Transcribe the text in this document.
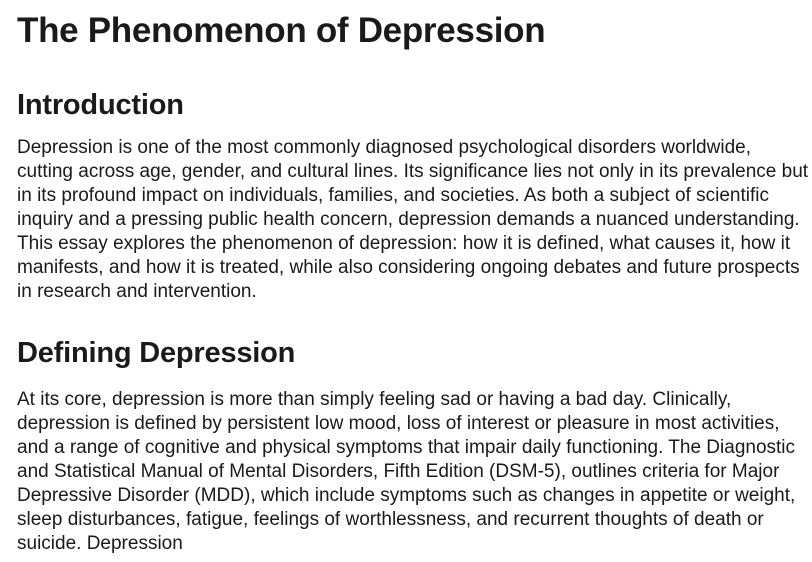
The Phenomenon of Depression
Introduction

Depression is one of the most commonly diagnosed psychological disorders worldwide, cutting across age, gender, and cultural lines. Its significance lies not only in its prevalence but in its profound impact on individuals, families, and societies. As both a subject of scientific inquiry and a pressing public health concern, depression demands a nuanced understanding. This essay explores the phenomenon of depression: how it is defined, what causes it, how it manifests, and how it is treated, while also considering ongoing debates and future prospects in research and intervention.

Defining Depression

At its core, depression is more than simply feeling sad or having a bad day. Clinically, depression is defined by persistent low mood, loss of interest or pleasure in most activities, and a range of cognitive and physical symptoms that impair daily functioning. The Diagnostic and Statistical Manual of Mental Disorders, Fifth Edition (DSM-5), outlines criteria for Major Depressive Disorder (MDD), which include symptoms such as changes in appetite or weight, sleep disturbances, fatigue, feelings of worthlessness, and recurrent thoughts of death or suicide. Depression
